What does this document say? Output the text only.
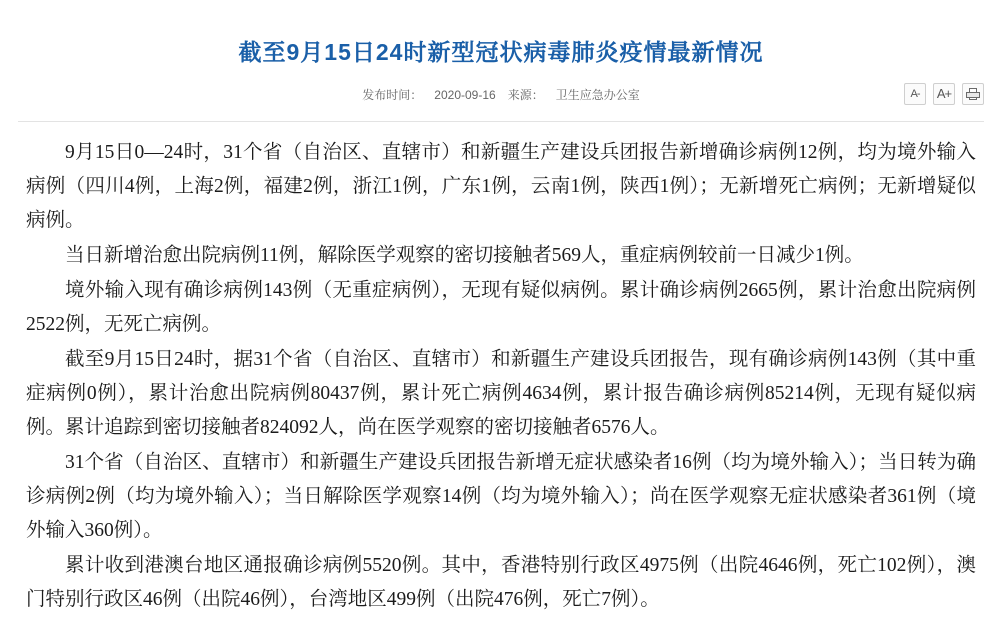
截至9月15日24时新型冠状病毒肺炎疫情最新情况
发布时间： 2020-09-16 来源： 卫生应急办公室	A- A+

9月15日0—24时，31个省（自治区、直辖市）和新疆生产建设兵团报告新增确诊病例12例，均为境外输入病例（四川4例，上海2例，福建2例，浙江1例，广东1例，云南1例，陕西1例）；无新增死亡病例；无新增疑似病例。

当日新增治愈出院病例11例，解除医学观察的密切接触者569人，重症病例较前一日减少1例。

境外输入现有确诊病例143例（无重症病例），无现有疑似病例。累计确诊病例2665例，累计治愈出院病例2522例，无死亡病例。

截至9月15日24时，据31个省（自治区、直辖市）和新疆生产建设兵团报告，现有确诊病例143例（其中重症病例0例），累计治愈出院病例80437例，累计死亡病例4634例，累计报告确诊病例85214例，无现有疑似病例。累计追踪到密切接触者824092人，尚在医学观察的密切接触者6576人。

31个省（自治区、直辖市）和新疆生产建设兵团报告新增无症状感染者16例（均为境外输入）；当日转为确诊病例2例（均为境外输入）；当日解除医学观察14例（均为境外输入）；尚在医学观察无症状感染者361例（境外输入360例）。

累计收到港澳台地区通报确诊病例5520例。其中，香港特别行政区4975例（出院4646例，死亡102例），澳门特别行政区46例（出院46例），台湾地区499例（出院476例，死亡7例）。
